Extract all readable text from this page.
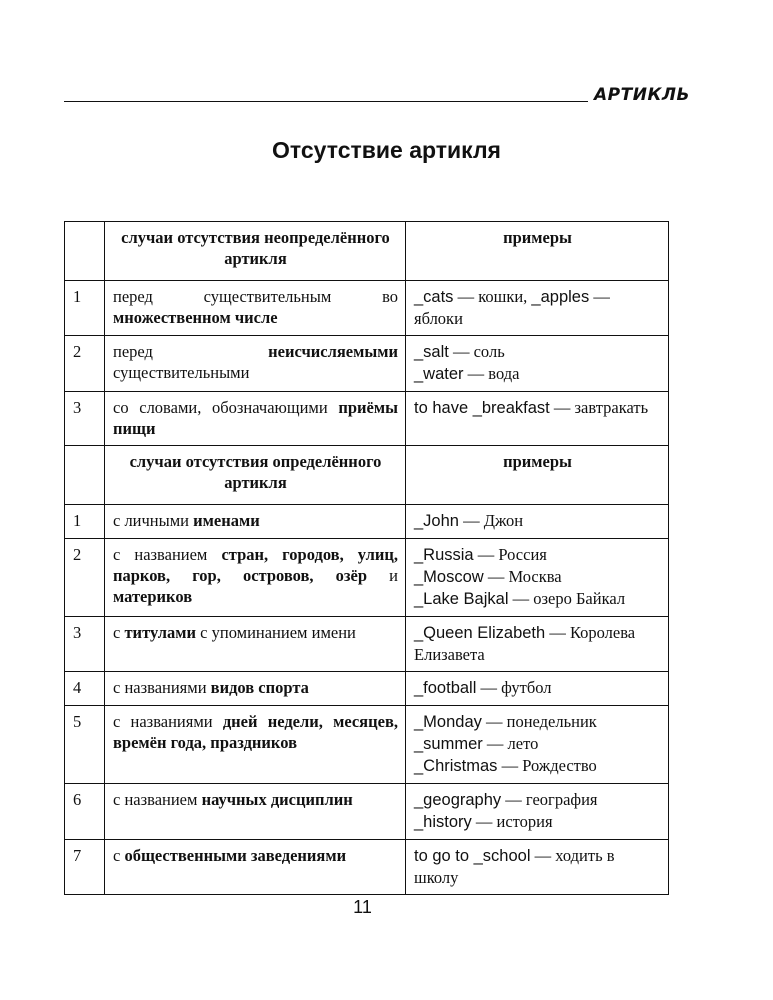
АРТИКЛЬ
Отсутствие артикля
	случаи отсутствия неопределённого артикля	примеры
1	перед существительным во множественном числе	_cats — кошки, _apples — яблоки

2	перед неисчисляемыми существительными	_salt — соль
_water — вода

3	со словами, обозначающими приёмы пищи	to have _breakfast — завтракать

	случаи отсутствия определённого артикля	примеры
1	с личными именами	_John — Джон

2	с названием стран, городов, улиц, парков, гор, островов, озёр и материков	_Russia — Россия
_Moscow — Москва
_Lake Bajkal — озеро Байкал

3	с титулами с упоминанием имени	_Queen Elizabeth — Королева Елизавета

4	с названиями видов спорта	_football — футбол

5	с названиями дней недели, месяцев, времён года, праздников	_Monday — понедельник
_summer — лето
_Christmas — Рождество

6	с названием научных дисциплин	_geography — география
_history — история

7	с общественными заведениями	to go to _school — ходить в школу
11
